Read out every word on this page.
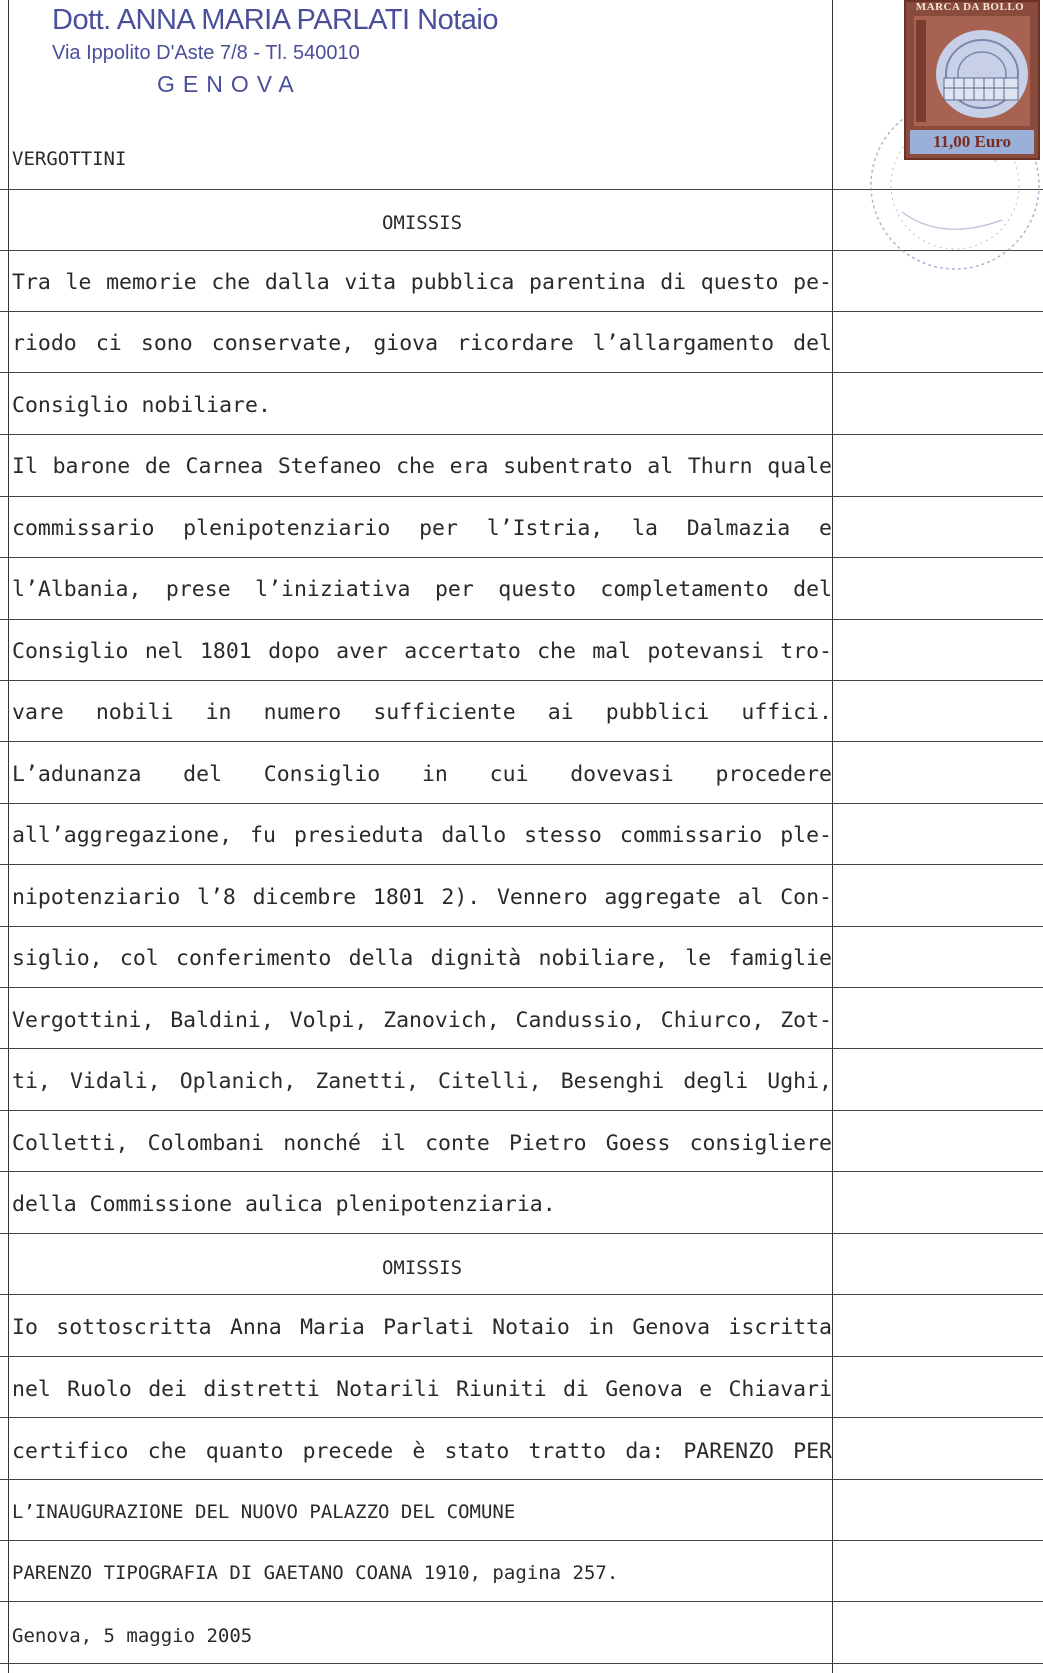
Dott. ANNA MARIA PARLATI Notaio
Via Ippolito D'Aste 7/8 - Tl. 540010
GENOVA
MARCA DA BOLLO
11,00 Euro
VERGOTTINI
OMISSIS
Tra le memorie che dalla vita pubblica parentina di questo pe-
riodo ci sono conservate, giova ricordare l’allargamento del
Consiglio nobiliare.
Il barone de Carnea Stefaneo che era subentrato al Thurn quale
commissario plenipotenziario per l’Istria, la Dalmazia e
l’Albania, prese l’iniziativa per questo completamento del
Consiglio nel 1801 dopo aver accertato che mal potevansi tro-
vare nobili in numero sufficiente ai pubblici uffici.
L’adunanza del Consiglio in cui dovevasi procedere
all’aggregazione, fu presieduta dallo stesso commissario ple-
nipotenziario l’8 dicembre 1801 2). Vennero aggregate al Con-
siglio, col conferimento della dignità nobiliare, le famiglie
Vergottini, Baldini, Volpi, Zanovich, Candussio, Chiurco, Zot-
ti, Vidali, Oplanich, Zanetti, Citelli, Besenghi degli Ughi,
Colletti, Colombani nonché il conte Pietro Goess consigliere
della Commissione aulica plenipotenziaria.
OMISSIS
Io sottoscritta Anna Maria Parlati Notaio in Genova iscritta
nel Ruolo dei distretti Notarili Riuniti di Genova e Chiavari
certifico che quanto precede è stato tratto da: PARENZO PER
L’INAUGURAZIONE DEL NUOVO PALAZZO DEL COMUNE
PARENZO TIPOGRAFIA DI GAETANO COANA 1910, pagina 257.
Genova, 5 maggio 2005
